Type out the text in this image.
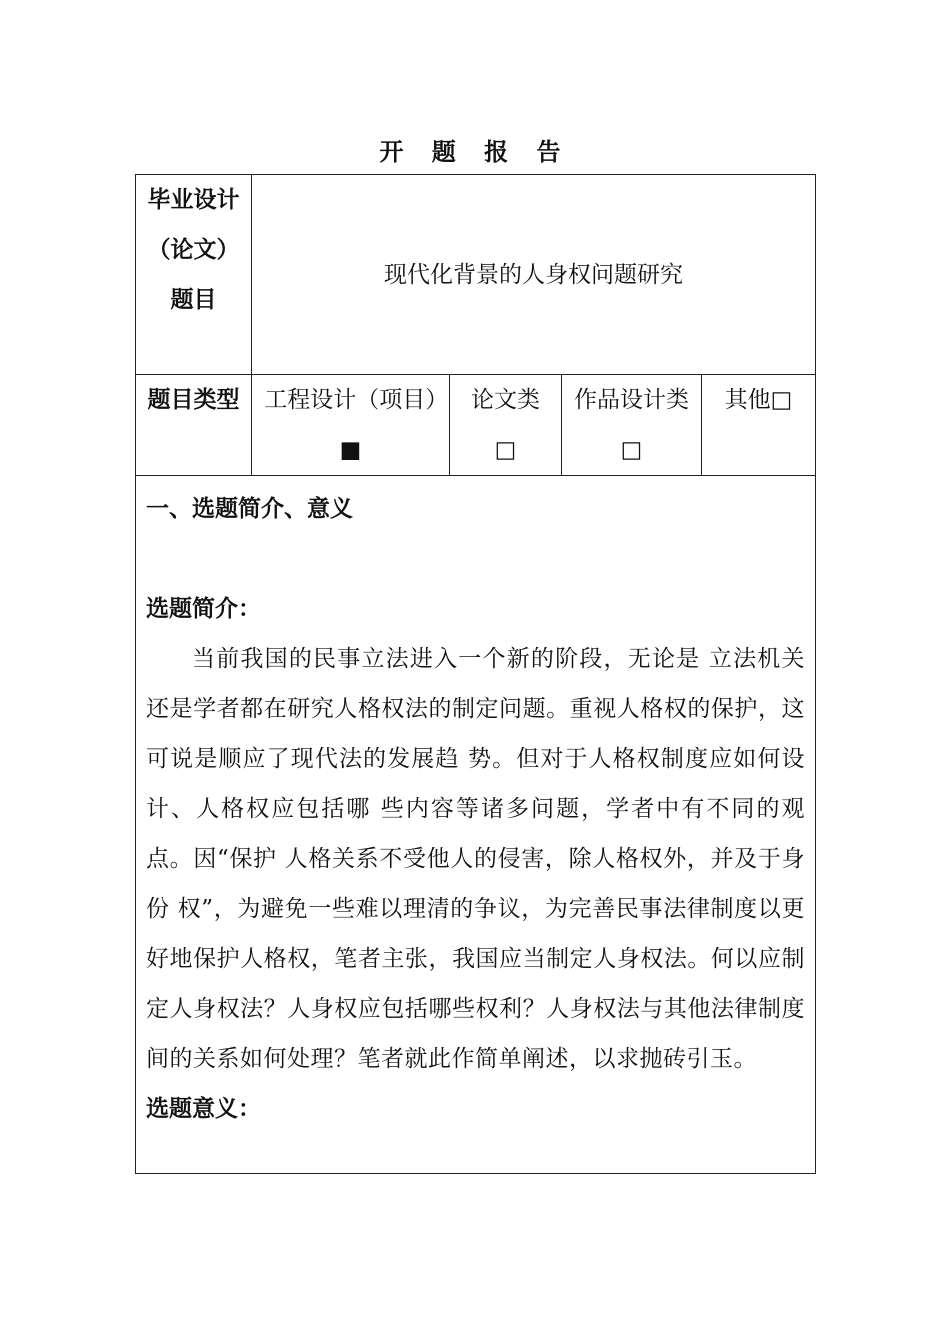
开 题 报 告
毕业设计（论文）题目	现代化背景的人身权问题研究			
题目类型	工程设计（项目）■	论文类□	作品设计类□	其他□

一、选题简介、意义

选题简介：

当前我国的民事立法进入一个新的阶段，无论是 立法机关还是学者都在研究人格权法的制定问题。重视人格权的保护，这可说是顺应了现代法的发展趋 势。但对于人格权制度应如何设计、人格权应包括哪 些内容等诸多问题，学者中有不同的观点。因“保护 人格关系不受他人的侵害，除人格权外，并及于身份 权”，为避免一些难以理清的争议，为完善民事法律制度以更好地保护人格权，笔者主张，我国应当制定人身权法。何以应制定人身权法？人身权应包括哪些权利？人身权法与其他法律制度间的关系如何处理？笔者就此作简单阐述，以求抛砖引玉。

选题意义：				
